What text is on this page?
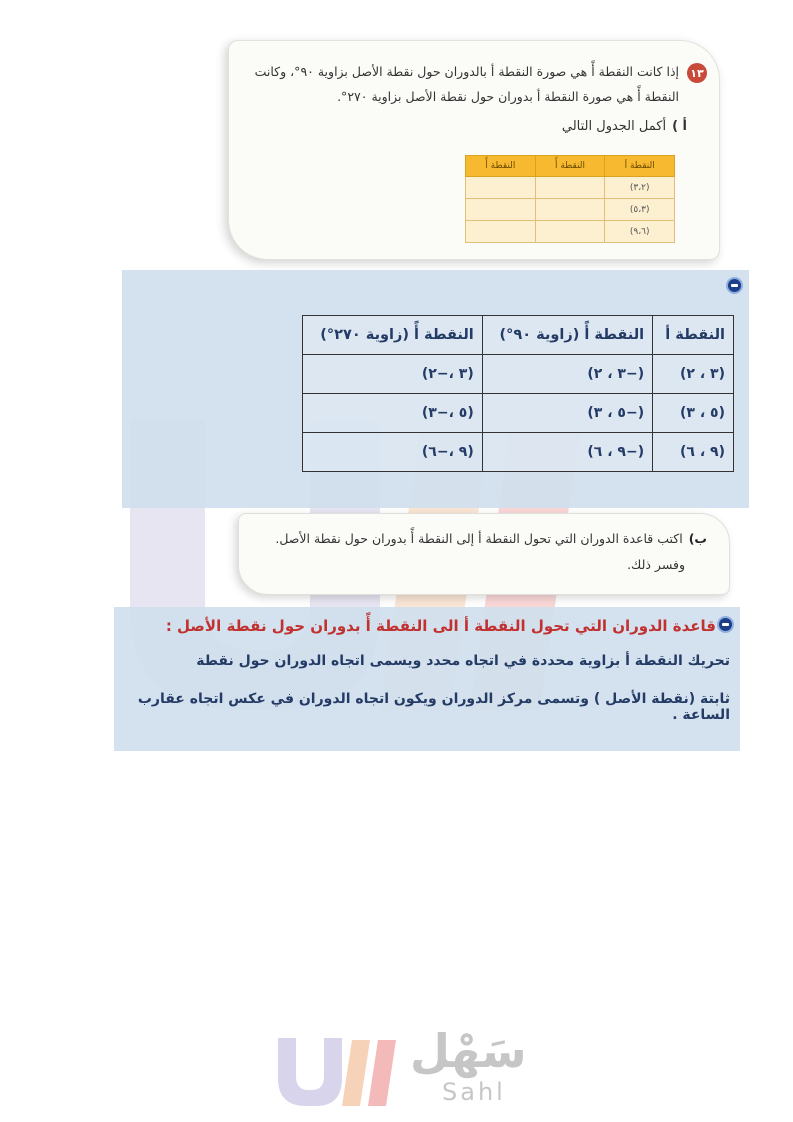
١٣
إذا كانت النقطة أً هي صورة النقطة أ بالدوران حول نقطة الأصل بزاوية ٩٠°، وكانت
النقطة أً هي صورة النقطة أ بدوران حول نقطة الأصل بزاوية ٢٧٠°.
أ )أكمل الجدول التالي
النقطة أ	النقطة أً	النقطة أً
(٣،٢)		
(٥،٣)		
(٩،٦)		
النقطة أ	النقطة أً (زاوية ٩٠°)	النقطة أً (زاوية ٢٧٠°)
(٣ ، ٢)	(−٣ ، ٢)	(٣ ،−٢)
(٥ ، ٣)	(−٥ ، ٣)	(٥ ،−٣)
(٩ ، ٦)	(−٩ ، ٦)	(٩ ،−٦)
ب)اكتب قاعدة الدوران التي تحول النقطة أ إلى النقطة أً بدوران حول نقطة الأصل.
وفسر ذلك.
قاعدة الدوران التي تحول النقطة أ الى النقطة أً بدوران حول نقطة الأصل :
تحريك النقطة أ بزاوية محددة في اتجاه محدد ويسمى اتجاه الدوران حول نقطة
ثابتة (نقطة الأصل ) وتسمى مركز الدوران ويكون اتجاه الدوران في عكس اتجاه عقارب الساعة .
سَهْل
Sahl
